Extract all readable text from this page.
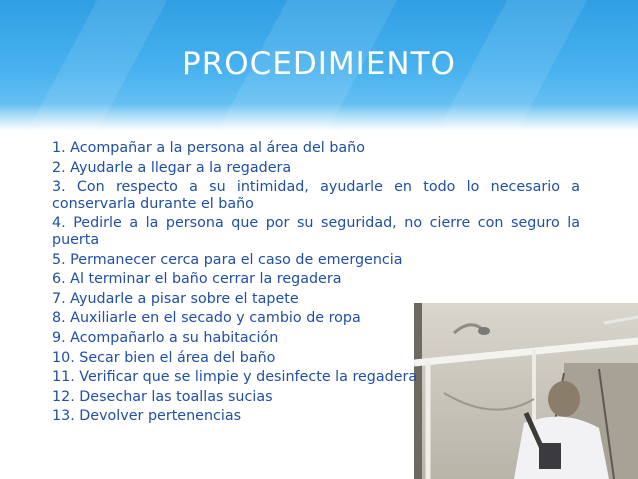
PROCEDIMIENTO
1. Acompañar a la persona al área del baño
2. Ayudarle a llegar a la regadera
3. Con respecto a su intimidad, ayudarle en todo lo necesario a conservarla durante el baño
4. Pedirle a la persona que por su seguridad, no cierre con seguro la puerta
5. Permanecer cerca para el caso de emergencia
6. Al terminar el baño cerrar la regadera
7. Ayudarle a pisar sobre el tapete
8. Auxiliarle en el secado y cambio de ropa
9. Acompañarlo a su habitación
10. Secar bien el área del baño
11. Verificar que se limpie y desinfecte la regadera
12. Desechar las toallas sucias
13. Devolver pertenencias
